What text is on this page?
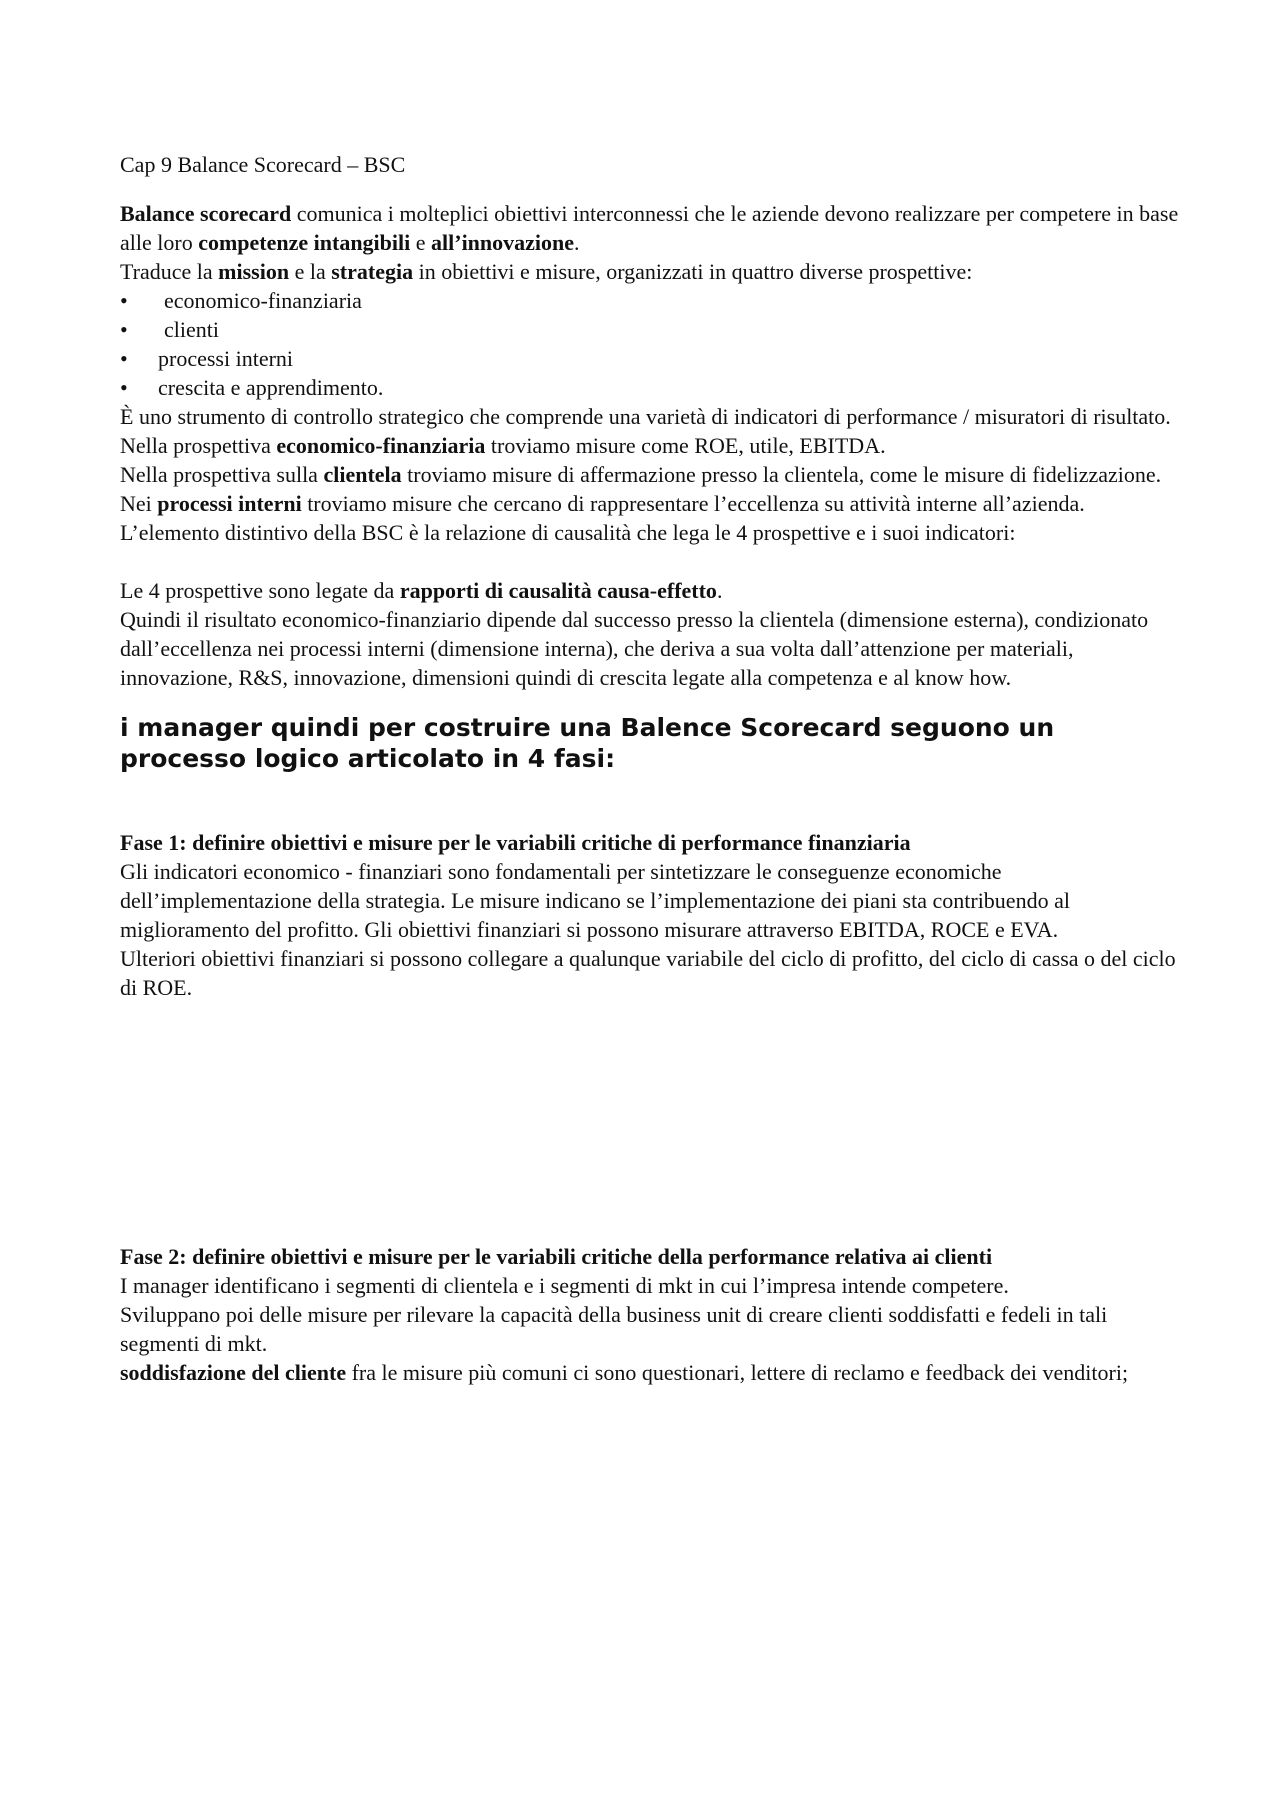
Cap 9 Balance Scorecard – BSC

Balance scorecard comunica i molteplici obiettivi interconnessi che le aziende devono realizzare per competere in base alle loro competenze intangibili e all’innovazione.

Traduce la mission e la strategia in obiettivi e misure, organizzati in quattro diverse prospettive:

• economico-finanziaria
• clienti
• processi interni
• crescita e apprendimento.

È uno strumento di controllo strategico che comprende una varietà di indicatori di performance / misuratori di risultato.

Nella prospettiva economico-finanziaria troviamo misure come ROE, utile, EBITDA.

Nella prospettiva sulla clientela troviamo misure di affermazione presso la clientela, come le misure di fidelizzazione.

Nei processi interni troviamo misure che cercano di rappresentare l’eccellenza su attività interne all’azienda.

L’elemento distintivo della BSC è la relazione di causalità che lega le 4 prospettive e i suoi indicatori:

Le 4 prospettive sono legate da rapporti di causalità causa-effetto.

Quindi il risultato economico-finanziario dipende dal successo presso la clientela (dimensione esterna), condizionato dall’eccellenza nei processi interni (dimensione interna), che deriva a sua volta dall’attenzione per materiali, innovazione, R&S, innovazione, dimensioni quindi di crescita legate alla competenza e al know how.

i manager quindi per costruire una Balence Scorecard seguono un processo logico articolato in 4 fasi:

Fase 1: definire obiettivi e misure per le variabili critiche di performance finanziaria

Gli indicatori economico - finanziari sono fondamentali per sintetizzare le conseguenze economiche dell’implementazione della strategia. Le misure indicano se l’implementazione dei piani sta contribuendo al miglioramento del profitto. Gli obiettivi finanziari si possono misurare attraverso EBITDA, ROCE e EVA.

Ulteriori obiettivi finanziari si possono collegare a qualunque variabile del ciclo di profitto, del ciclo di cassa o del ciclo di ROE.

Fase 2: definire obiettivi e misure per le variabili critiche della performance relativa ai clienti

I manager identificano i segmenti di clientela e i segmenti di mkt in cui l’impresa intende competere.

Sviluppano poi delle misure per rilevare la capacità della business unit di creare clienti soddisfatti e fedeli in tali segmenti di mkt.

soddisfazione del cliente fra le misure più comuni ci sono questionari, lettere di reclamo e feedback dei venditori;
